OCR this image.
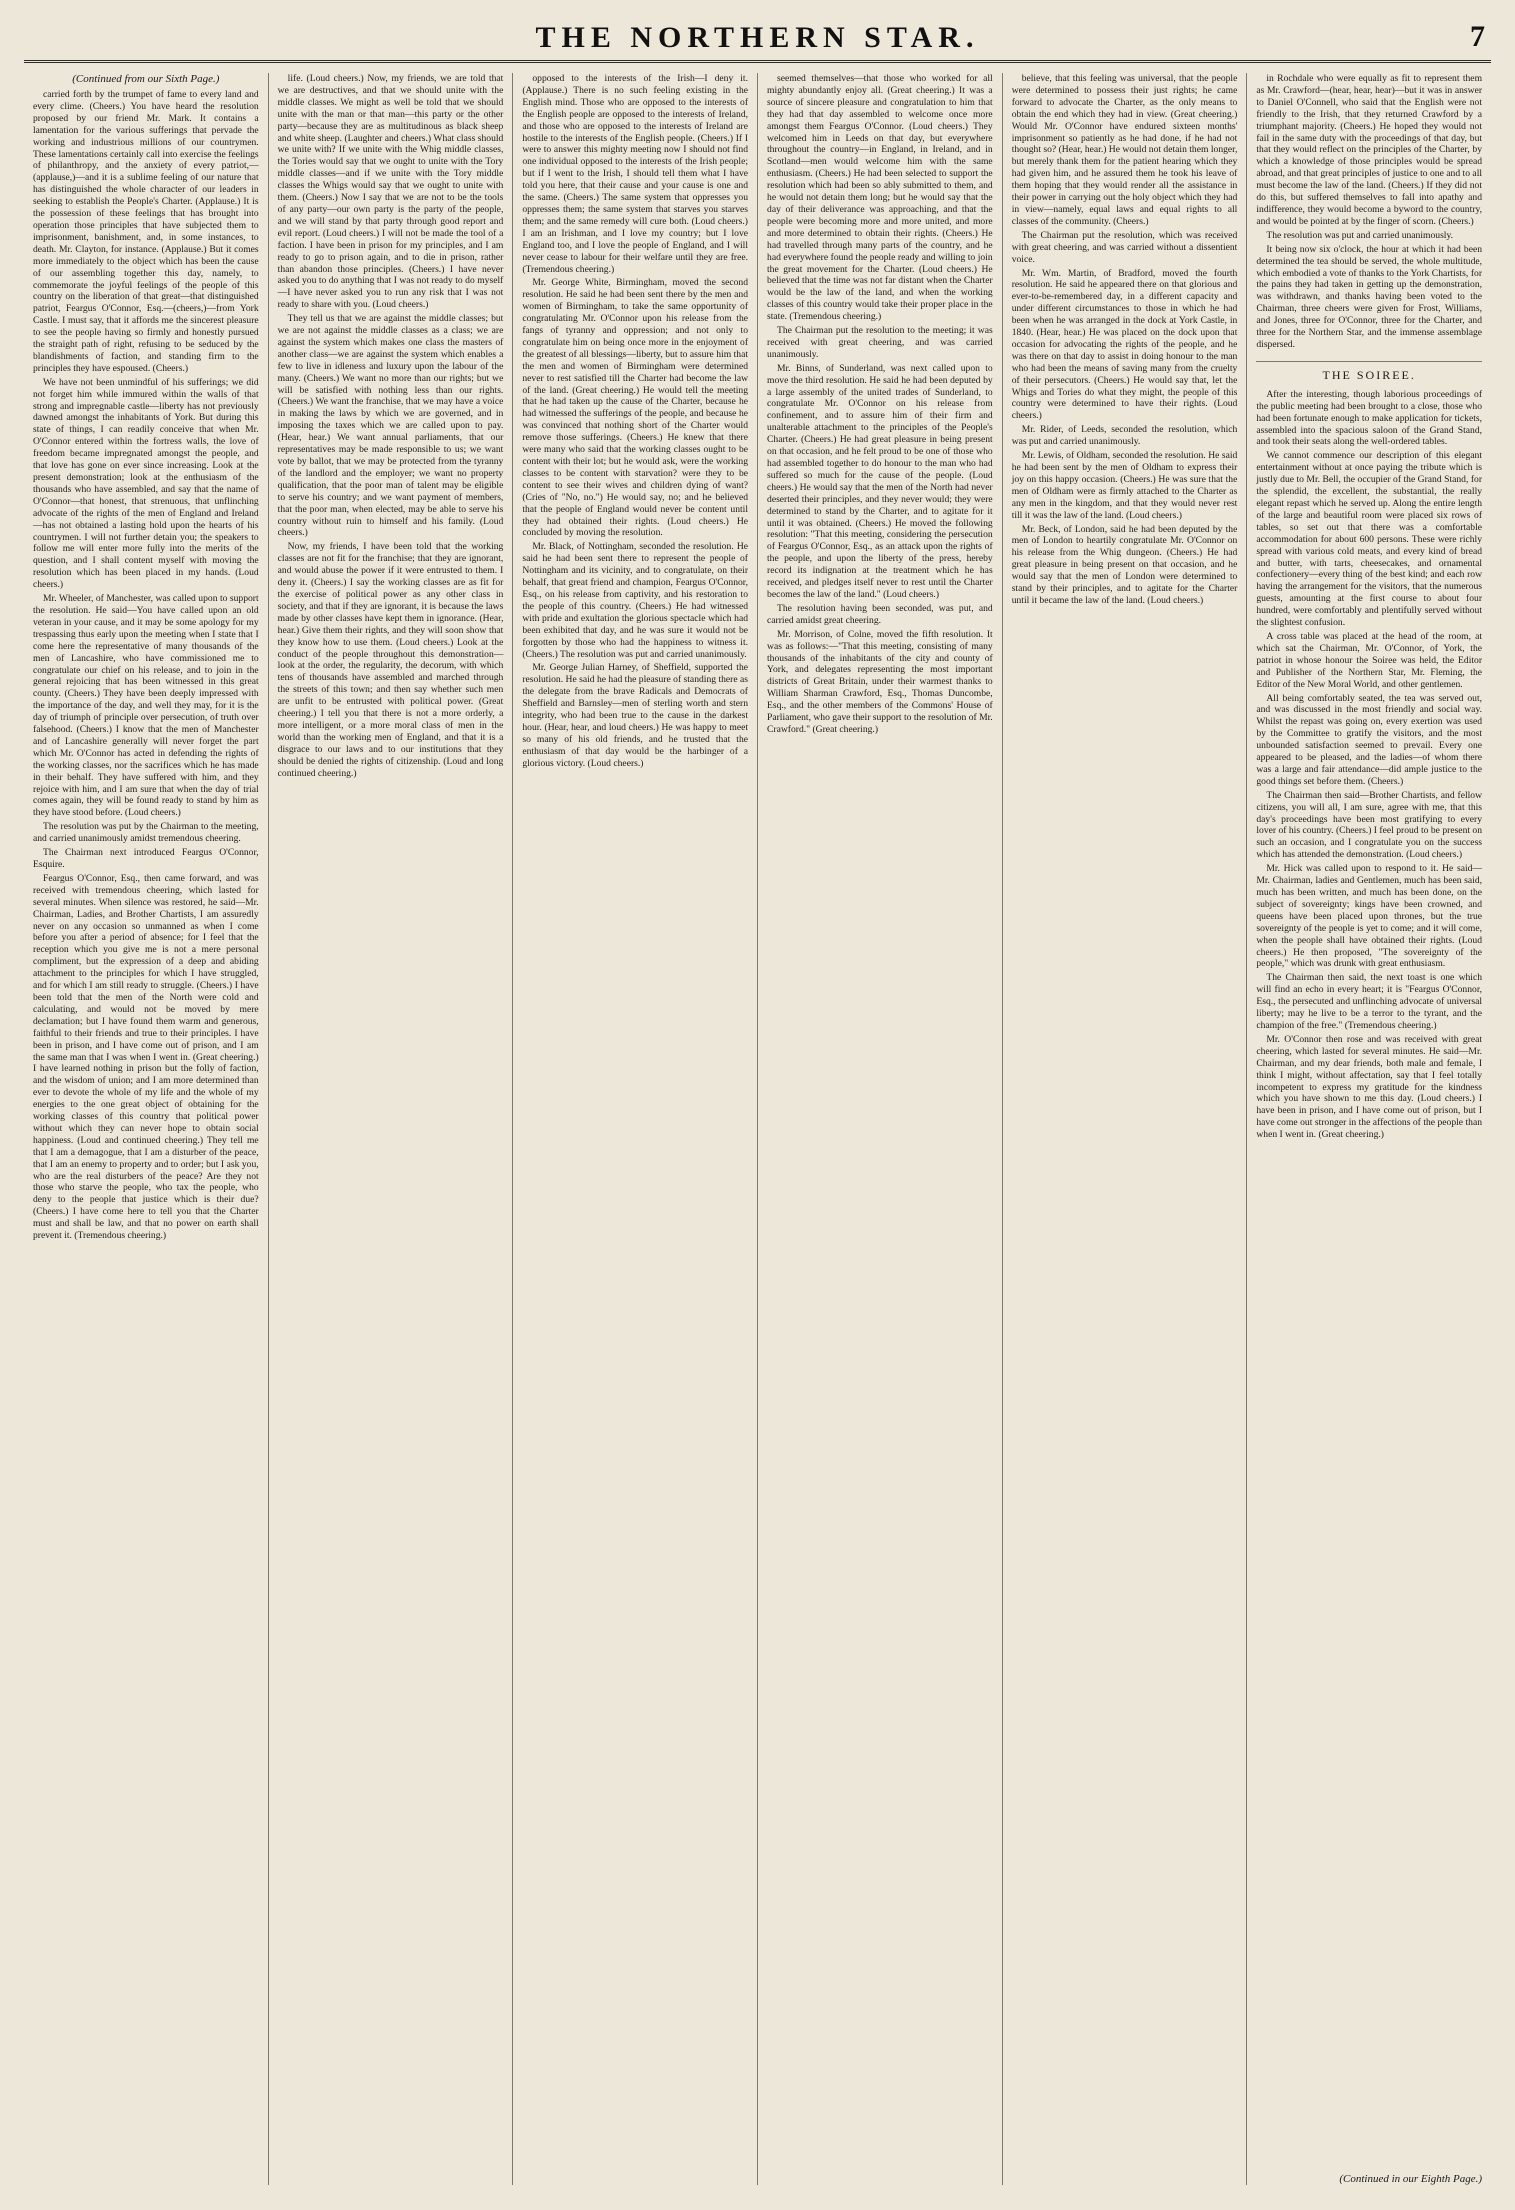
THE NORTHERN STAR.	7
(Continued from our Sixth Page.)

carried forth by the trumpet of fame to every land and every clime. (Cheers.) You have heard the resolution proposed by our friend Mr. Mark. It contains a lamentation for the various sufferings that pervade the working and industrious millions of our countrymen. These lamentations certainly call into exercise the feelings of philanthropy, and the anxiety of every patriot,—(applause,)—and it is a sublime feeling of our nature that has distinguished the whole character of our leaders in seeking to establish the People's Charter. (Applause.) It is the possession of these feelings that has brought into operation those principles that have subjected them to imprisonment, banishment, and, in some instances, to death. Mr. Clayton, for instance. (Applause.) But it comes more immediately to the object which has been the cause of our assembling together this day, namely, to commemorate the joyful feelings of the people of this country on the liberation of that great—that distinguished patriot, Feargus O'Connor, Esq.—(cheers,)—from York Castle. I must say, that it affords me the sincerest pleasure to see the people having so firmly and honestly pursued the straight path of right, refusing to be seduced by the blandishments of faction, and standing firm to the principles they have espoused. (Cheers.)

We have not been unmindful of his sufferings; we did not forget him while immured within the walls of that strong and impregnable castle—liberty has not previously dawned amongst the inhabitants of York. But during this state of things, I can readily conceive that when Mr. O'Connor entered within the fortress walls, the love of freedom became impregnated amongst the people, and that love has gone on ever since increasing. Look at the present demonstration; look at the enthusiasm of the thousands who have assembled, and say that the name of O'Connor—that honest, that strenuous, that unflinching advocate of the rights of the men of England and Ireland—has not obtained a lasting hold upon the hearts of his countrymen. I will not further detain you; the speakers to follow me will enter more fully into the merits of the question, and I shall content myself with moving the resolution which has been placed in my hands. (Loud cheers.)

Mr. Wheeler, of Manchester, was called upon to support the resolution. He said—You have called upon an old veteran in your cause, and it may be some apology for my trespassing thus early upon the meeting when I state that I come here the representative of many thousands of the men of Lancashire, who have commissioned me to congratulate our chief on his release, and to join in the general rejoicing that has been witnessed in this great county. (Cheers.) They have been deeply impressed with the importance of the day, and well they may, for it is the day of triumph of principle over persecution, of truth over falsehood. (Cheers.) I know that the men of Manchester and of Lancashire generally will never forget the part which Mr. O'Connor has acted in defending the rights of the working classes, nor the sacrifices which he has made in their behalf. They have suffered with him, and they rejoice with him, and I am sure that when the day of trial comes again, they will be found ready to stand by him as they have stood before. (Loud cheers.)

The resolution was put by the Chairman to the meeting, and carried unanimously amidst tremendous cheering.

The Chairman next introduced Feargus O'Connor, Esquire.

Feargus O'Connor, Esq., then came forward, and was received with tremendous cheering, which lasted for several minutes. When silence was restored, he said—Mr. Chairman, Ladies, and Brother Chartists, I am assuredly never on any occasion so unmanned as when I come before you after a period of absence; for I feel that the reception which you give me is not a mere personal compliment, but the expression of a deep and abiding attachment to the principles for which I have struggled, and for which I am still ready to struggle. (Cheers.) I have been told that the men of the North were cold and calculating, and would not be moved by mere declamation; but I have found them warm and generous, faithful to their friends and true to their principles. I have been in prison, and I have come out of prison, and I am the same man that I was when I went in. (Great cheering.) I have learned nothing in prison but the folly of faction, and the wisdom of union; and I am more determined than ever to devote the whole of my life and the whole of my energies to the one great object of obtaining for the working classes of this country that political power without which they can never hope to obtain social happiness. (Loud and continued cheering.) They tell me that I am a demagogue, that I am a disturber of the peace, that I am an enemy to property and to order; but I ask you, who are the real disturbers of the peace? Are they not those who starve the people, who tax the people, who deny to the people that justice which is their due? (Cheers.) I have come here to tell you that the Charter must and shall be law, and that no power on earth shall prevent it. (Tremendous cheering.)

life. (Loud cheers.) Now, my friends, we are told that we are destructives, and that we should unite with the middle classes. We might as well be told that we should unite with the man or that man—this party or the other party—because they are as multitudinous as black sheep and white sheep. (Laughter and cheers.) What class should we unite with? If we unite with the Whig middle classes, the Tories would say that we ought to unite with the Tory middle classes—and if we unite with the Tory middle classes the Whigs would say that we ought to unite with them. (Cheers.) Now I say that we are not to be the tools of any party—our own party is the party of the people, and we will stand by that party through good report and evil report. (Loud cheers.) I will not be made the tool of a faction. I have been in prison for my principles, and I am ready to go to prison again, and to die in prison, rather than abandon those principles. (Cheers.) I have never asked you to do anything that I was not ready to do myself—I have never asked you to run any risk that I was not ready to share with you. (Loud cheers.)

They tell us that we are against the middle classes; but we are not against the middle classes as a class; we are against the system which makes one class the masters of another class—we are against the system which enables a few to live in idleness and luxury upon the labour of the many. (Cheers.) We want no more than our rights; but we will be satisfied with nothing less than our rights. (Cheers.) We want the franchise, that we may have a voice in making the laws by which we are governed, and in imposing the taxes which we are called upon to pay. (Hear, hear.) We want annual parliaments, that our representatives may be made responsible to us; we want vote by ballot, that we may be protected from the tyranny of the landlord and the employer; we want no property qualification, that the poor man of talent may be eligible to serve his country; and we want payment of members, that the poor man, when elected, may be able to serve his country without ruin to himself and his family. (Loud cheers.)

Now, my friends, I have been told that the working classes are not fit for the franchise; that they are ignorant, and would abuse the power if it were entrusted to them. I deny it. (Cheers.) I say the working classes are as fit for the exercise of political power as any other class in society, and that if they are ignorant, it is because the laws made by other classes have kept them in ignorance. (Hear, hear.) Give them their rights, and they will soon show that they know how to use them. (Loud cheers.) Look at the conduct of the people throughout this demonstration—look at the order, the regularity, the decorum, with which tens of thousands have assembled and marched through the streets of this town; and then say whether such men are unfit to be entrusted with political power. (Great cheering.) I tell you that there is not a more orderly, a more intelligent, or a more moral class of men in the world than the working men of England, and that it is a disgrace to our laws and to our institutions that they should be denied the rights of citizenship. (Loud and long continued cheering.)

opposed to the interests of the Irish—I deny it. (Applause.) There is no such feeling existing in the English mind. Those who are opposed to the interests of the English people are opposed to the interests of Ireland, and those who are opposed to the interests of Ireland are hostile to the interests of the English people. (Cheers.) If I were to answer this mighty meeting now I should not find one individual opposed to the interests of the Irish people; but if I went to the Irish, I should tell them what I have told you here, that their cause and your cause is one and the same. (Cheers.) The same system that oppresses you oppresses them; the same system that starves you starves them; and the same remedy will cure both. (Loud cheers.) I am an Irishman, and I love my country; but I love England too, and I love the people of England, and I will never cease to labour for their welfare until they are free. (Tremendous cheering.)

Mr. George White, Birmingham, moved the second resolution. He said he had been sent there by the men and women of Birmingham, to take the same opportunity of congratulating Mr. O'Connor upon his release from the fangs of tyranny and oppression; and not only to congratulate him on being once more in the enjoyment of the greatest of all blessings—liberty, but to assure him that the men and women of Birmingham were determined never to rest satisfied till the Charter had become the law of the land. (Great cheering.) He would tell the meeting that he had taken up the cause of the Charter, because he had witnessed the sufferings of the people, and because he was convinced that nothing short of the Charter would remove those sufferings. (Cheers.) He knew that there were many who said that the working classes ought to be content with their lot; but he would ask, were the working classes to be content with starvation? were they to be content to see their wives and children dying of want? (Cries of "No, no.") He would say, no; and he believed that the people of England would never be content until they had obtained their rights. (Loud cheers.) He concluded by moving the resolution.

Mr. Black, of Nottingham, seconded the resolution. He said he had been sent there to represent the people of Nottingham and its vicinity, and to congratulate, on their behalf, that great friend and champion, Feargus O'Connor, Esq., on his release from captivity, and his restoration to the people of this country. (Cheers.) He had witnessed with pride and exultation the glorious spectacle which had been exhibited that day, and he was sure it would not be forgotten by those who had the happiness to witness it. (Cheers.) The resolution was put and carried unanimously.

Mr. George Julian Harney, of Sheffield, supported the resolution. He said he had the pleasure of standing there as the delegate from the brave Radicals and Democrats of Sheffield and Barnsley—men of sterling worth and stern integrity, who had been true to the cause in the darkest hour. (Hear, hear, and loud cheers.) He was happy to meet so many of his old friends, and he trusted that the enthusiasm of that day would be the harbinger of a glorious victory. (Loud cheers.)

seemed themselves—that those who worked for all mighty abundantly enjoy all. (Great cheering.) It was a source of sincere pleasure and congratulation to him that they had that day assembled to welcome once more amongst them Feargus O'Connor. (Loud cheers.) They welcomed him in Leeds on that day, but everywhere throughout the country—in England, in Ireland, and in Scotland—men would welcome him with the same enthusiasm. (Cheers.) He had been selected to support the resolution which had been so ably submitted to them, and he would not detain them long; but he would say that the day of their deliverance was approaching, and that the people were becoming more and more united, and more and more determined to obtain their rights. (Cheers.) He had travelled through many parts of the country, and he had everywhere found the people ready and willing to join the great movement for the Charter. (Loud cheers.) He believed that the time was not far distant when the Charter would be the law of the land, and when the working classes of this country would take their proper place in the state. (Tremendous cheering.)

The Chairman put the resolution to the meeting; it was received with great cheering, and was carried unanimously.

Mr. Binns, of Sunderland, was next called upon to move the third resolution. He said he had been deputed by a large assembly of the united trades of Sunderland, to congratulate Mr. O'Connor on his release from confinement, and to assure him of their firm and unalterable attachment to the principles of the People's Charter. (Cheers.) He had great pleasure in being present on that occasion, and he felt proud to be one of those who had assembled together to do honour to the man who had suffered so much for the cause of the people. (Loud cheers.) He would say that the men of the North had never deserted their principles, and they never would; they were determined to stand by the Charter, and to agitate for it until it was obtained. (Cheers.) He moved the following resolution: "That this meeting, considering the persecution of Feargus O'Connor, Esq., as an attack upon the rights of the people, and upon the liberty of the press, hereby record its indignation at the treatment which he has received, and pledges itself never to rest until the Charter becomes the law of the land." (Loud cheers.)

The resolution having been seconded, was put, and carried amidst great cheering.

Mr. Morrison, of Colne, moved the fifth resolution. It was as follows:—"That this meeting, consisting of many thousands of the inhabitants of the city and county of York, and delegates representing the most important districts of Great Britain, under their warmest thanks to William Sharman Crawford, Esq., Thomas Duncombe, Esq., and the other members of the Commons' House of Parliament, who gave their support to the resolution of Mr. Crawford." (Great cheering.)

believe, that this feeling was universal, that the people were determined to possess their just rights; he came forward to advocate the Charter, as the only means to obtain the end which they had in view. (Great cheering.) Would Mr. O'Connor have endured sixteen months' imprisonment so patiently as he had done, if he had not thought so? (Hear, hear.) He would not detain them longer, but merely thank them for the patient hearing which they had given him, and he assured them he took his leave of them hoping that they would render all the assistance in their power in carrying out the holy object which they had in view—namely, equal laws and equal rights to all classes of the community. (Cheers.)

The Chairman put the resolution, which was received with great cheering, and was carried without a dissentient voice.

Mr. Wm. Martin, of Bradford, moved the fourth resolution. He said he appeared there on that glorious and ever-to-be-remembered day, in a different capacity and under different circumstances to those in which he had been when he was arranged in the dock at York Castle, in 1840. (Hear, hear.) He was placed on the dock upon that occasion for advocating the rights of the people, and he was there on that day to assist in doing honour to the man who had been the means of saving many from the cruelty of their persecutors. (Cheers.) He would say that, let the Whigs and Tories do what they might, the people of this country were determined to have their rights. (Loud cheers.)

Mr. Rider, of Leeds, seconded the resolution, which was put and carried unanimously.

Mr. Lewis, of Oldham, seconded the resolution. He said he had been sent by the men of Oldham to express their joy on this happy occasion. (Cheers.) He was sure that the men of Oldham were as firmly attached to the Charter as any men in the kingdom, and that they would never rest till it was the law of the land. (Loud cheers.)

Mr. Beck, of London, said he had been deputed by the men of London to heartily congratulate Mr. O'Connor on his release from the Whig dungeon. (Cheers.) He had great pleasure in being present on that occasion, and he would say that the men of London were determined to stand by their principles, and to agitate for the Charter until it became the law of the land. (Loud cheers.)

in Rochdale who were equally as fit to represent them as Mr. Crawford—(hear, hear, hear)—but it was in answer to Daniel O'Connell, who said that the English were not friendly to the Irish, that they returned Crawford by a triumphant majority. (Cheers.) He hoped they would not fail in the same duty with the proceedings of that day, but that they would reflect on the principles of the Charter, by which a knowledge of those principles would be spread abroad, and that great principles of justice to one and to all must become the law of the land. (Cheers.) If they did not do this, but suffered themselves to fall into apathy and indifference, they would become a byword to the country, and would be pointed at by the finger of scorn. (Cheers.)

The resolution was put and carried unanimously.

It being now six o'clock, the hour at which it had been determined the tea should be served, the whole multitude, which embodied a vote of thanks to the York Chartists, for the pains they had taken in getting up the demonstration, was withdrawn, and thanks having been voted to the Chairman, three cheers were given for Frost, Williams, and Jones, three for O'Connor, three for the Charter, and three for the Northern Star, and the immense assemblage dispersed.

THE SOIREE.

After the interesting, though laborious proceedings of the public meeting had been brought to a close, those who had been fortunate enough to make application for tickets, assembled into the spacious saloon of the Grand Stand, and took their seats along the well-ordered tables.

We cannot commence our description of this elegant entertainment without at once paying the tribute which is justly due to Mr. Bell, the occupier of the Grand Stand, for the splendid, the excellent, the substantial, the really elegant repast which he served up. Along the entire length of the large and beautiful room were placed six rows of tables, so set out that there was a comfortable accommodation for about 600 persons. These were richly spread with various cold meats, and every kind of bread and butter, with tarts, cheesecakes, and ornamental confectionery—every thing of the best kind; and each row having the arrangement for the visitors, that the numerous guests, amounting at the first course to about four hundred, were comfortably and plentifully served without the slightest confusion.

A cross table was placed at the head of the room, at which sat the Chairman, Mr. O'Connor, of York, the patriot in whose honour the Soiree was held, the Editor and Publisher of the Northern Star, Mr. Fleming, the Editor of the New Moral World, and other gentlemen.

All being comfortably seated, the tea was served out, and was discussed in the most friendly and social way. Whilst the repast was going on, every exertion was used by the Committee to gratify the visitors, and the most unbounded satisfaction seemed to prevail. Every one appeared to be pleased, and the ladies—of whom there was a large and fair attendance—did ample justice to the good things set before them. (Cheers.)

The Chairman then said—Brother Chartists, and fellow citizens, you will all, I am sure, agree with me, that this day's proceedings have been most gratifying to every lover of his country. (Cheers.) I feel proud to be present on such an occasion, and I congratulate you on the success which has attended the demonstration. (Loud cheers.)

Mr. Hick was called upon to respond to it. He said—Mr. Chairman, ladies and Gentlemen, much has been said, much has been written, and much has been done, on the subject of sovereignty; kings have been crowned, and queens have been placed upon thrones, but the true sovereignty of the people is yet to come; and it will come, when the people shall have obtained their rights. (Loud cheers.) He then proposed, "The sovereignty of the people," which was drunk with great enthusiasm.

The Chairman then said, the next toast is one which will find an echo in every heart; it is "Feargus O'Connor, Esq., the persecuted and unflinching advocate of universal liberty; may he live to be a terror to the tyrant, and the champion of the free." (Tremendous cheering.)

Mr. O'Connor then rose and was received with great cheering, which lasted for several minutes. He said—Mr. Chairman, and my dear friends, both male and female, I think I might, without affectation, say that I feel totally incompetent to express my gratitude for the kindness which you have shown to me this day. (Loud cheers.) I have been in prison, and I have come out of prison, but I have come out stronger in the affections of the people than when I went in. (Great cheering.)

(Continued in our Eighth Page.)
